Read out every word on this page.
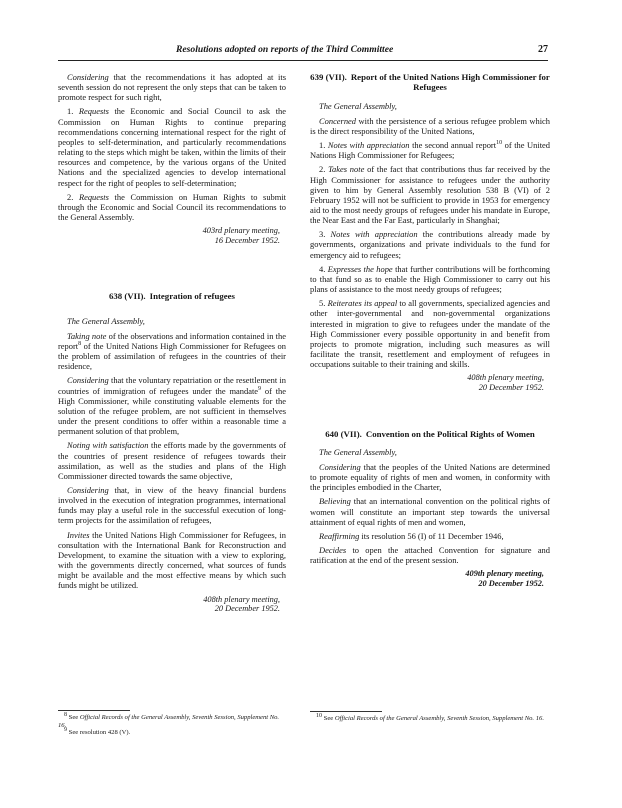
Resolutions adopted on reports of the Third Committee	27

Considering that the recommendations it has adopted at its seventh session do not represent the only steps that can be taken to promote respect for such right,

1. Requests the Economic and Social Council to ask the Commission on Human Rights to continue preparing recommendations concerning international respect for the right of peoples to self-determination, and particularly recommendations relating to the steps which might be taken, within the limits of their resources and competence, by the various organs of the United Nations and the specialized agencies to develop international respect for the right of peoples to self-determination;

2. Requests the Commission on Human Rights to submit through the Economic and Social Council its recommendations to the General Assembly.

403rd plenary meeting,
16 December 1952.
638 (VII). Integration of refugees

The General Assembly,

Taking note of the observations and information contained in the report$^8$ of the United Nations High Commissioner for Refugees on the problem of assimilation of refugees in the countries of their residence,

Considering that the voluntary repatriation or the resettlement in countries of immigration of refugees under the mandate$^9$ of the High Commissioner, while constituting valuable elements for the solution of the refugee problem, are not sufficient in themselves under the present conditions to offer within a reasonable time a permanent solution of that problem,

Noting with satisfaction the efforts made by the governments of the countries of present residence of refugees towards their assimilation, as well as the studies and plans of the High Commissioner directed towards the same objective,

Considering that, in view of the heavy financial burdens involved in the execution of integration programmes, international funds may play a useful role in the successful execution of long-term projects for the assimilation of refugees,

Invites the United Nations High Commissioner for Refugees, in consultation with the International Bank for Reconstruction and Development, to examine the situation with a view to exploring, with the governments directly concerned, what sources of funds might be available and the most effective means by which such funds might be utilized.

408th plenary meeting,
20 December 1952.

$^8$ See Official Records of the General Assembly, Seventh Session, Supplement No. 16.

$^9$ See resolution 428 (V).

639 (VII). Report of the United Nations High Commissioner for Refugees

The General Assembly,

Concerned with the persistence of a serious refugee problem which is the direct responsibility of the United Nations,

1. Notes with appreciation the second annual report$^{10}$ of the United Nations High Commissioner for Refugees;

2. Takes note of the fact that contributions thus far received by the High Commissioner for assistance to refugees under the authority given to him by General Assembly resolution 538 B (VI) of 2 February 1952 will not be sufficient to provide in 1953 for emergency aid to the most needy groups of refugees under his mandate in Europe, the Near East and the Far East, particularly in Shanghai;

3. Notes with appreciation the contributions already made by governments, organizations and private individuals to the fund for emergency aid to refugees;

4. Expresses the hope that further contributions will be forthcoming to that fund so as to enable the High Commissioner to carry out his plans of assistance to the most needy groups of refugees;

5. Reiterates its appeal to all governments, specialized agencies and other inter-governmental and non-governmental organizations interested in migration to give to refugees under the mandate of the High Commissioner every possible opportunity in and benefit from projects to promote migration, including such measures as will facilitate the transit, resettlement and employment of refugees in occupations suitable to their training and skills.

408th plenary meeting,
20 December 1952.
640 (VII). Convention on the Political Rights of Women

The General Assembly,

Considering that the peoples of the United Nations are determined to promote equality of rights of men and women, in conformity with the principles embodied in the Charter,

Believing that an international convention on the political rights of women will constitute an important step towards the universal attainment of equal rights of men and women,

Reaffirming its resolution 56 (I) of 11 December 1946,

Decides to open the attached Convention for signature and ratification at the end of the present session.

409th plenary meeting,
20 December 1952.

$^{10}$ See Official Records of the General Assembly, Seventh Session, Supplement No. 16.
